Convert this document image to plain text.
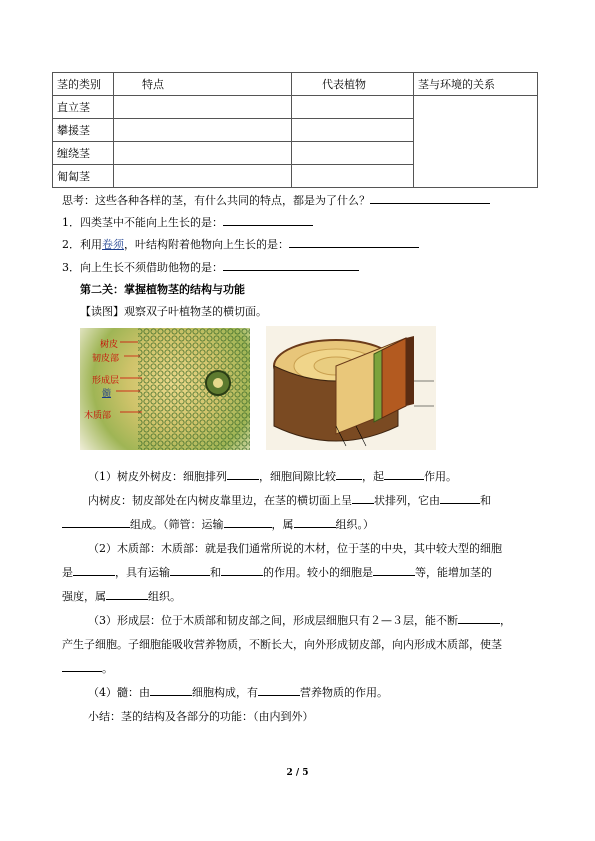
茎的类别	特点	代表植物	茎与环境的关系
直立茎			
攀援茎			
缠绕茎			
匍匐茎			
思考：这些各种各样的茎，有什么共同的特点，都是为了什么？
1．四类茎中不能向上生长的是：
2．利用卷须，叶结构附着他物向上生长的是：
3．向上生长不须借助他物的是：
第二关：掌握植物茎的结构与功能
【读图】观察双子叶植物茎的横切面。
树皮
韧皮部
形成层
髓
木质部
（1）树皮外树皮：细胞排列	，细胞间隙比较 ，起	作用。
内树皮：韧皮部处在内树皮靠里边，在茎的横切面上呈 状排列，它由	和
组成。（筛管：运输	，属	组织。）
（2）木质部：木质部：就是我们通常所说的木材，位于茎的中央，其中较大型的细胞
是	，具有运输	和	的作用。较小的细胞是	等，能增加茎的
强度，属	组织。
（3）形成层：位于木质部和韧皮部之间，形成层细胞只有２—３层，能不断	，
产生子细胞。子细胞能吸收营养物质，不断长大，向外形成韧皮部，向内形成木质部，使茎
。
（4）髓：由	细胞构成，有	营养物质的作用。
小结：茎的结构及各部分的功能：（由内到外）
2 / 5
